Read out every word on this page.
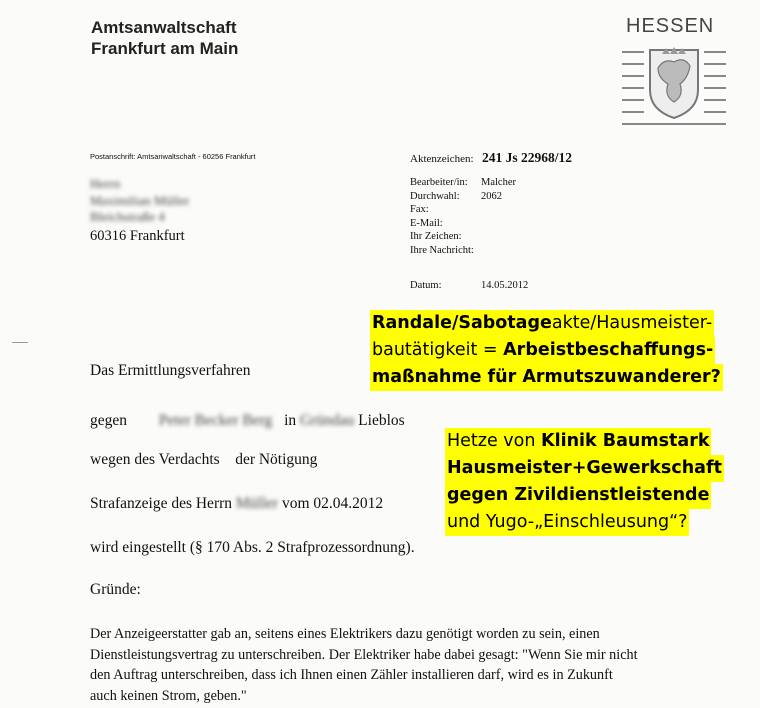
Amtsanwaltschaft
Frankfurt am Main
HESSEN
Postanschrift: Amtsanwaltschaft - 60256 Frankfurt
Herrn
Maximilian Müller
Bleichstraße 4
60316 Frankfurt
Aktenzeichen: 241 Js 22968/12
Bearbeiter/in: Malcher
Durchwahl: 2062
Fax:
E-Mail:
Ihr Zeichen:
Ihre Nachricht:
Datum:	14.05.2012
Das Ermittlungsverfahren
gegen Peter Becker Berg in Gründau Lieblos
wegen des Verdachts    der Nötigung
Strafanzeige des Herrn Müller vom 02.04.2012
wird eingestellt (§ 170 Abs. 2 Strafprozessordnung).
Gründe:
Der Anzeigeerstatter gab an, seitens eines Elektrikers dazu genötigt worden zu sein, einen
Dienstleistungsvertrag zu unterschreiben. Der Elektriker habe dabei gesagt: "Wenn Sie mir nicht
den Auftrag unterschreiben, dass ich Ihnen einen Zähler installieren darf, wird es in Zukunft
auch keinen Strom, geben."
Randale/Sabotageakte/Hausmeister-
bautätigkeit = Arbeistbeschaffungs-
maßnahme für Armutszuwanderer?
Hetze von Klinik Baumstark
Hausmeister+Gewerkschaft
gegen Zivildienstleistende
und Yugo-„Einschleusung“?
